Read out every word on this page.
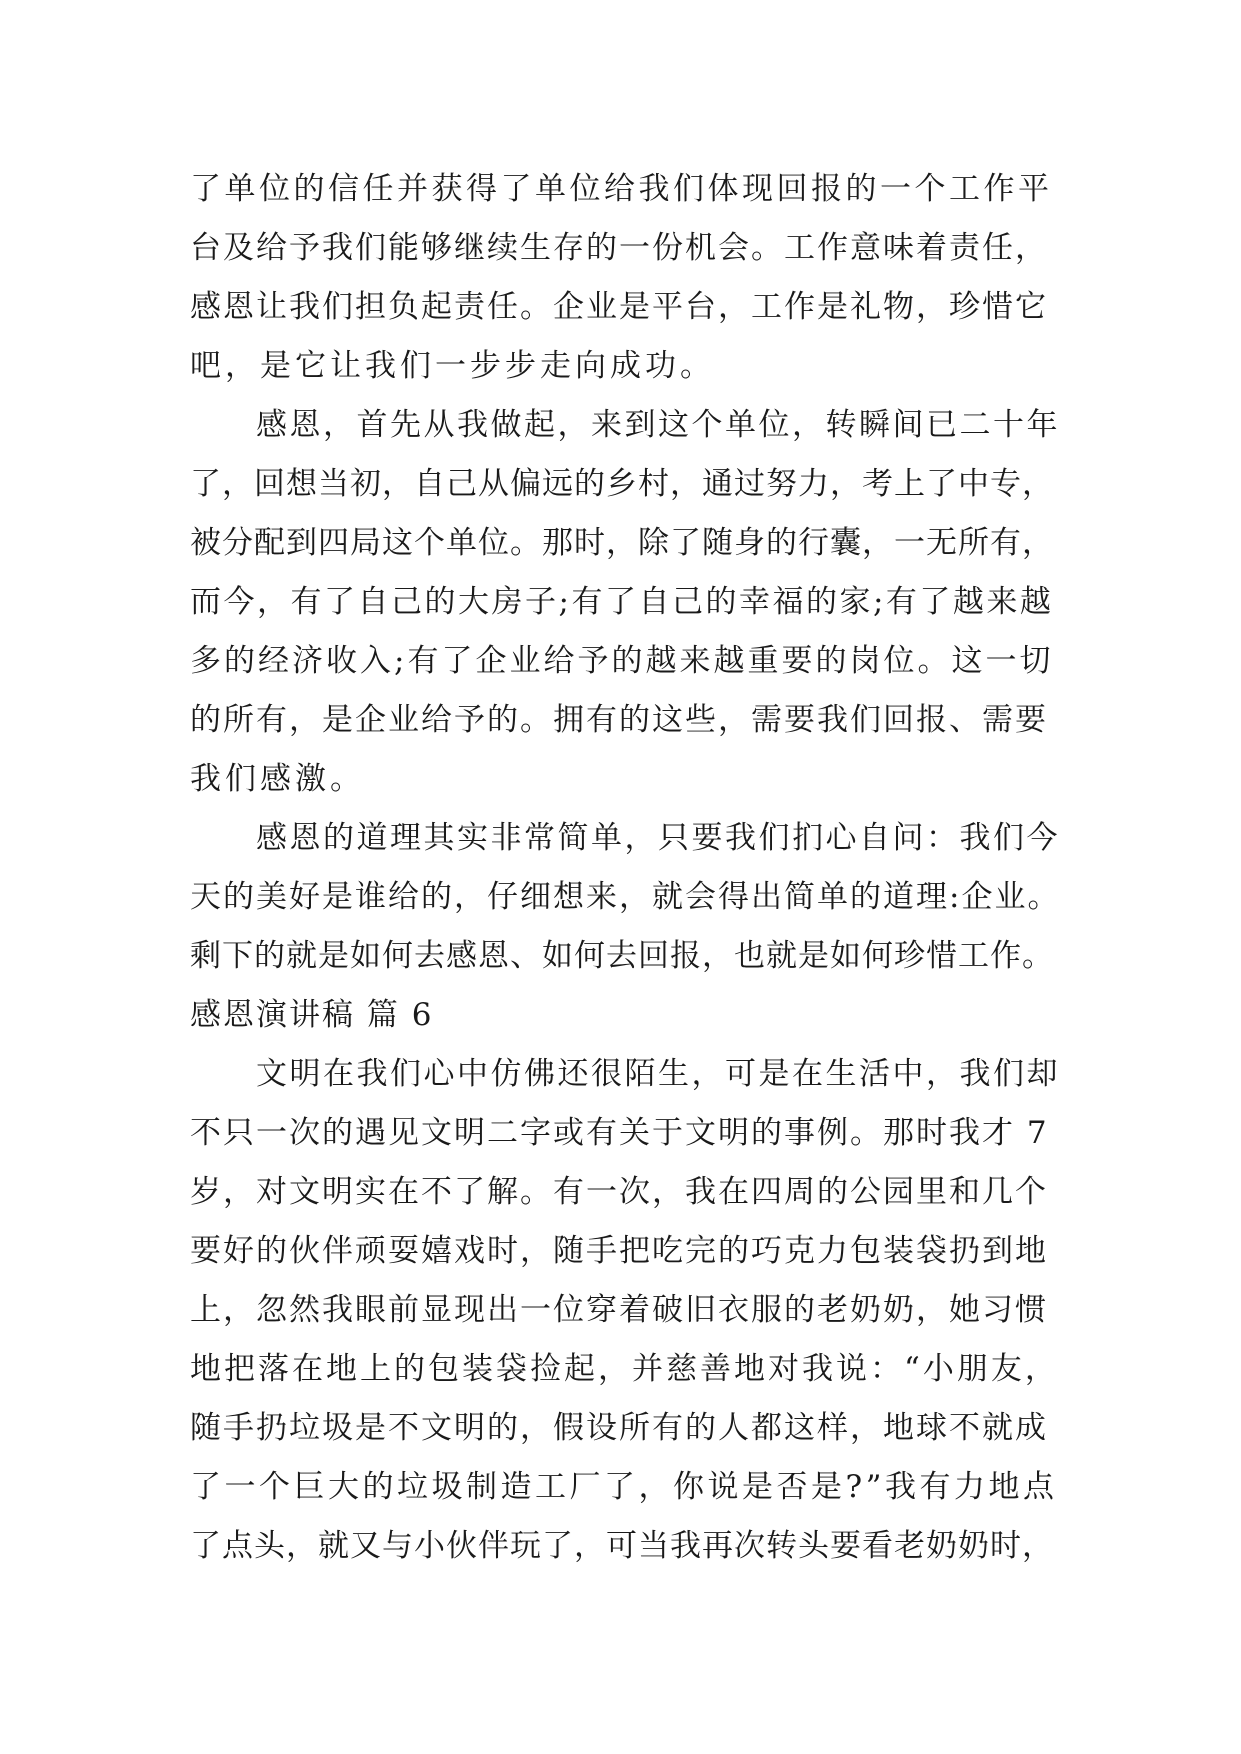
了单位的信任并获得了单位给我们体现回报的一个工作平
台及给予我们能够继续生存的一份机会。工作意味着责任，
感恩让我们担负起责任。企业是平台，工作是礼物，珍惜它
吧，是它让我们一步步走向成功。
感恩，首先从我做起，来到这个单位，转瞬间已二十年
了，回想当初，自己从偏远的乡村，通过努力，考上了中专，
被分配到四局这个单位。那时，除了随身的行囊，一无所有，
而今，有了自己的大房子;有了自己的幸福的家;有了越来越
多的经济收入;有了企业给予的越来越重要的岗位。这一切
的所有，是企业给予的。拥有的这些，需要我们回报、需要
我们感激。
感恩的道理其实非常简单，只要我们扪心自问：我们今
天的美好是谁给的，仔细想来，就会得出简单的道理:企业。
剩下的就是如何去感恩、如何去回报，也就是如何珍惜工作。
感恩演讲稿 篇 6
文明在我们心中仿佛还很陌生，可是在生活中，我们却
不只一次的遇见文明二字或有关于文明的事例。那时我才 7
岁，对文明实在不了解。有一次，我在四周的公园里和几个
要好的伙伴顽耍嬉戏时，随手把吃完的巧克力包装袋扔到地
上，忽然我眼前显现出一位穿着破旧衣服的老奶奶，她习惯
地把落在地上的包装袋捡起，并慈善地对我说：“小朋友，
随手扔垃圾是不文明的，假设所有的人都这样，地球不就成
了一个巨大的垃圾制造工厂了，你说是否是?”我有力地点
了点头，就又与小伙伴玩了，可当我再次转头要看老奶奶时，
